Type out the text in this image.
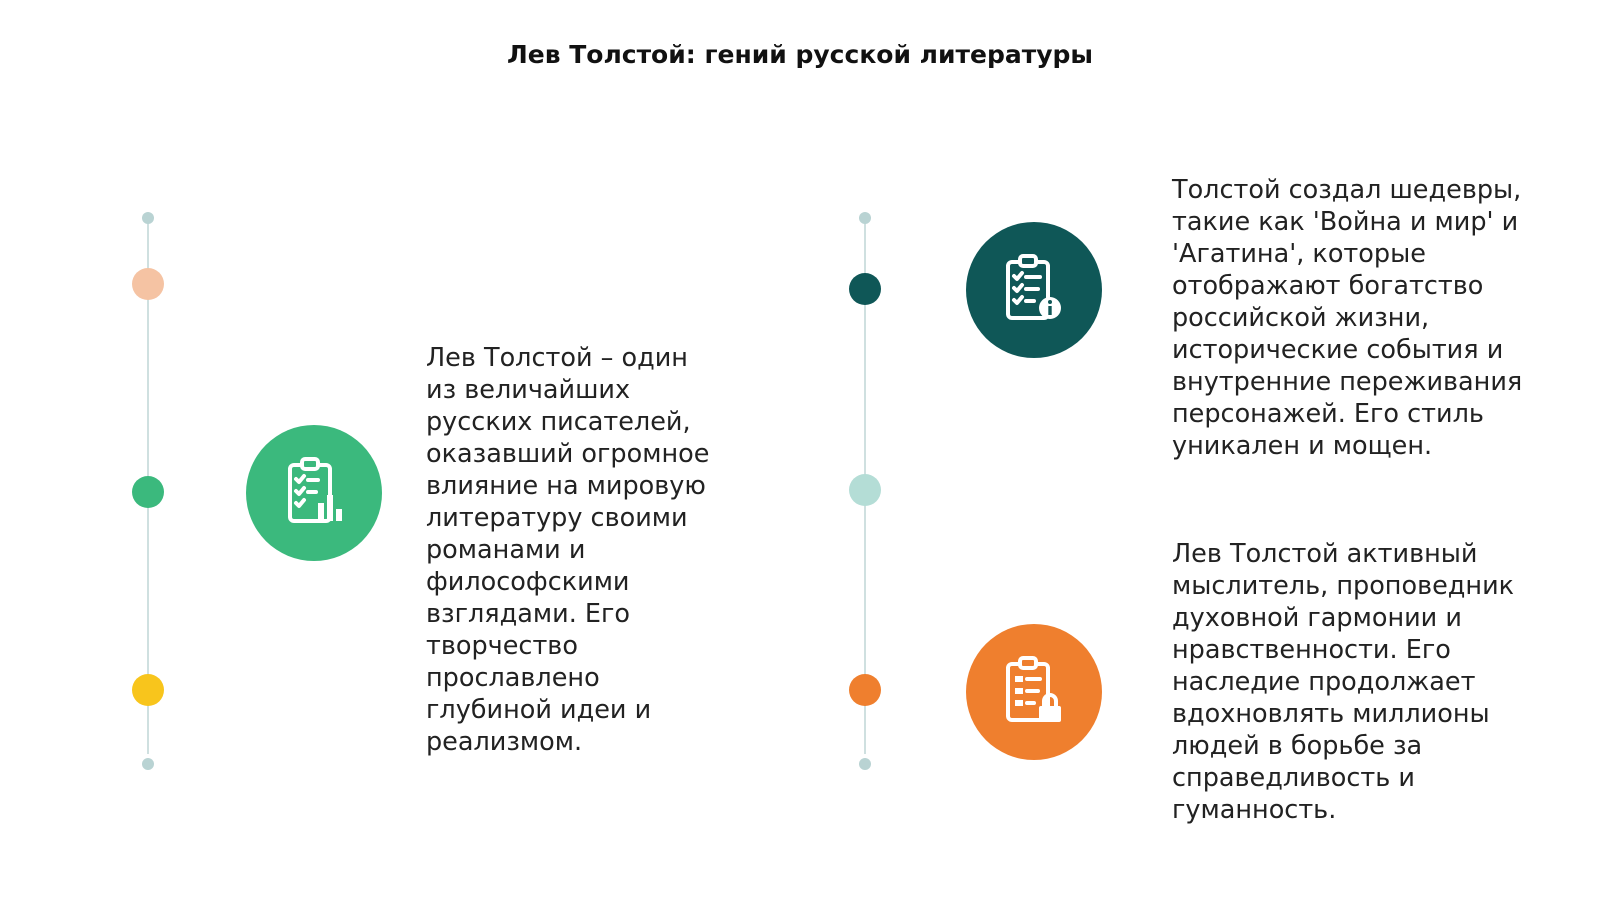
Лев Толстой: гений русской литературы
Лев Толстой – один из величайших русских писателей, оказавший огромное влияние на мировую литературу своими романами и философскими взглядами. Его творчество прославлено глубиной идеи и реализмом.
Толстой создал шедевры, такие как 'Война и мир' и 'Агатина', которые отображают богатство российской жизни, исторические события и внутренние переживания персонажей. Его стиль уникален и мощен.
Лев Толстой активный мыслитель, проповедник духовной гармонии и нравственности. Его наследие продолжает вдохновлять миллионы людей в борьбе за справедливость и гуманность.
